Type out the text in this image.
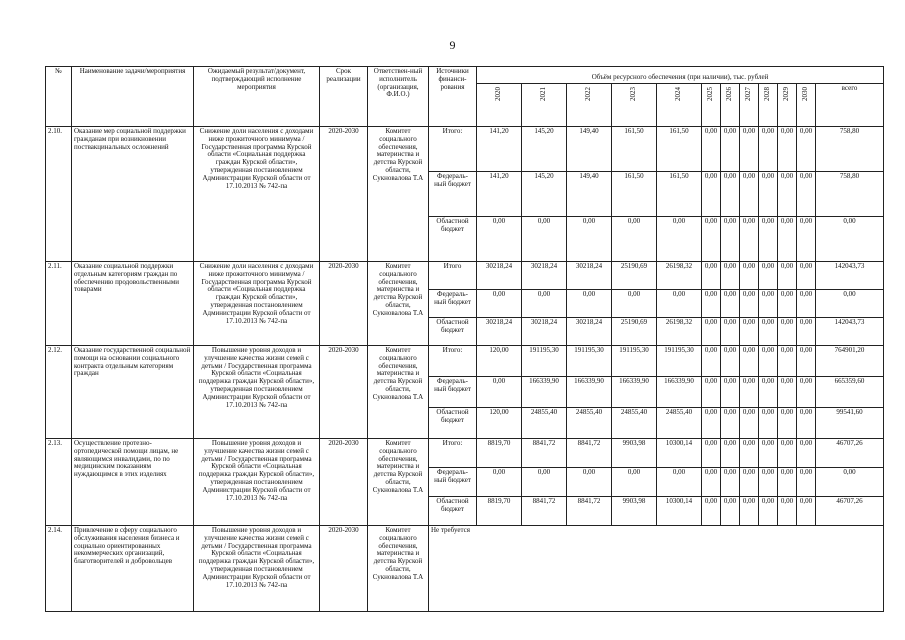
9
№	Наименование задачи/мероприятия	Ожидаемый результат/документ, подтверждающий исполнение мероприятия	Срок реализации	Ответствен-ный исполнитель (организация, Ф.И.О.)	Источники финанси-рования	Объём ресурсного обеспечения (при наличии), тыс. рублей											
						2020	2021	2022	2023	2024	2025	2026	2027	2028	2029	2030	всего
2.10.	Оказание мер социальной поддержки гражданам при возникновении поствакцинальных осложнений	Снижение доли населения с доходами ниже прожиточного минимума / Государственная программа Курской области «Социальная поддержка граждан Курской области», утвержденная постановлением Администрации Курской области от 17.10.2013 № 742-па	2020-2030	Комитет социального обеспечения, материнства и детства Курской области, Сукновалова Т.А	Итого:	141,20	145,20	149,40	161,50	161,50	0,00	0,00	0,00	0,00	0,00	0,00	758,80
					Федераль-ный бюджет	141,20	145,20	149,40	161,50	161,50	0,00	0,00	0,00	0,00	0,00	0,00	758,80
					Областной бюджет	0,00	0,00	0,00	0,00	0,00	0,00	0,00	0,00	0,00	0,00	0,00	0,00
2.11.	Оказание социальной поддержки отдельным категориям граждан по обеспечению продовольственными товарами	Снижение доли населения с доходами ниже прожиточного минимума / Государственная программа Курской области «Социальная поддержка граждан Курской области», утвержденная постановлением Администрации Курской области от 17.10.2013 № 742-па	2020-2030	Комитет социального обеспечения, материнства и детства Курской области, Сукновалова Т.А	Итого	30218,24	30218,24	30218,24	25190,69	26198,32	0,00	0,00	0,00	0,00	0,00	0,00	142043,73
					Федераль-ный бюджет	0,00	0,00	0,00	0,00	0,00	0,00	0,00	0,00	0,00	0,00	0,00	0,00
					Областной бюджет	30218,24	30218,24	30218,24	25190,69	26198,32	0,00	0,00	0,00	0,00	0,00	0,00	142043,73
2.12.	Оказание государственной социальной помощи на основании социального контракта отдельным категориям граждан	Повышение уровня доходов и улучшение качества жизни семей с детьми / Государственная программа Курской области «Социальная поддержка граждан Курской области», утвержденная постановлением Администрации Курской области от 17.10.2013 № 742-па	2020-2030	Комитет социального обеспечения, материнства и детства Курской области, Сукновалова Т.А	Итого:	120,00	191195,30	191195,30	191195,30	191195,30	0,00	0,00	0,00	0,00	0,00	0,00	764901,20
					Федераль-ный бюджет	0,00	166339,90	166339,90	166339,90	166339,90	0,00	0,00	0,00	0,00	0,00	0,00	665359,60
					Областной бюджет	120,00	24855,40	24855,40	24855,40	24855,40	0,00	0,00	0,00	0,00	0,00	0,00	99541,60
2.13.	Осуществление протезно-ортопедической помощи лицам, не являющимся инвалидами, по по медицинским показаниям нуждающимся в этих изделиях	Повышение уровня доходов и улучшение качества жизни семей с детьми / Государственная программа Курской области «Социальная поддержка граждан Курской области», утвержденная постановлением Администрации Курской области от 17.10.2013 № 742-па	2020-2030	Комитет социального обеспечения, материнства и детства Курской области, Сукновалова Т.А	Итого:	8819,70	8841,72	8841,72	9903,98	10300,14	0,00	0,00	0,00	0,00	0,00	0,00	46707,26
					Федераль-ный бюджет	0,00	0,00	0,00	0,00	0,00	0,00	0,00	0,00	0,00	0,00	0,00	0,00
					Областной бюджет	8819,70	8841,72	8841,72	9903,98	10300,14	0,00	0,00	0,00	0,00	0,00	0,00	46707,26
2.14.	Привлечение в сферу социального обслуживания населения бизнеса и социально ориентированных некоммерческих организаций, благотворителей и добровольцев	Повышение уровня доходов и улучшение качества жизни семей с детьми / Государственная программа Курской области «Социальная поддержка граждан Курской области», утвержденная постановлением Администрации Курской области от 17.10.2013 № 742-па	2020-2030	Комитет социального обеспечения, материнства и детства Курской области, Сукновалова Т.А	Не требуется												
